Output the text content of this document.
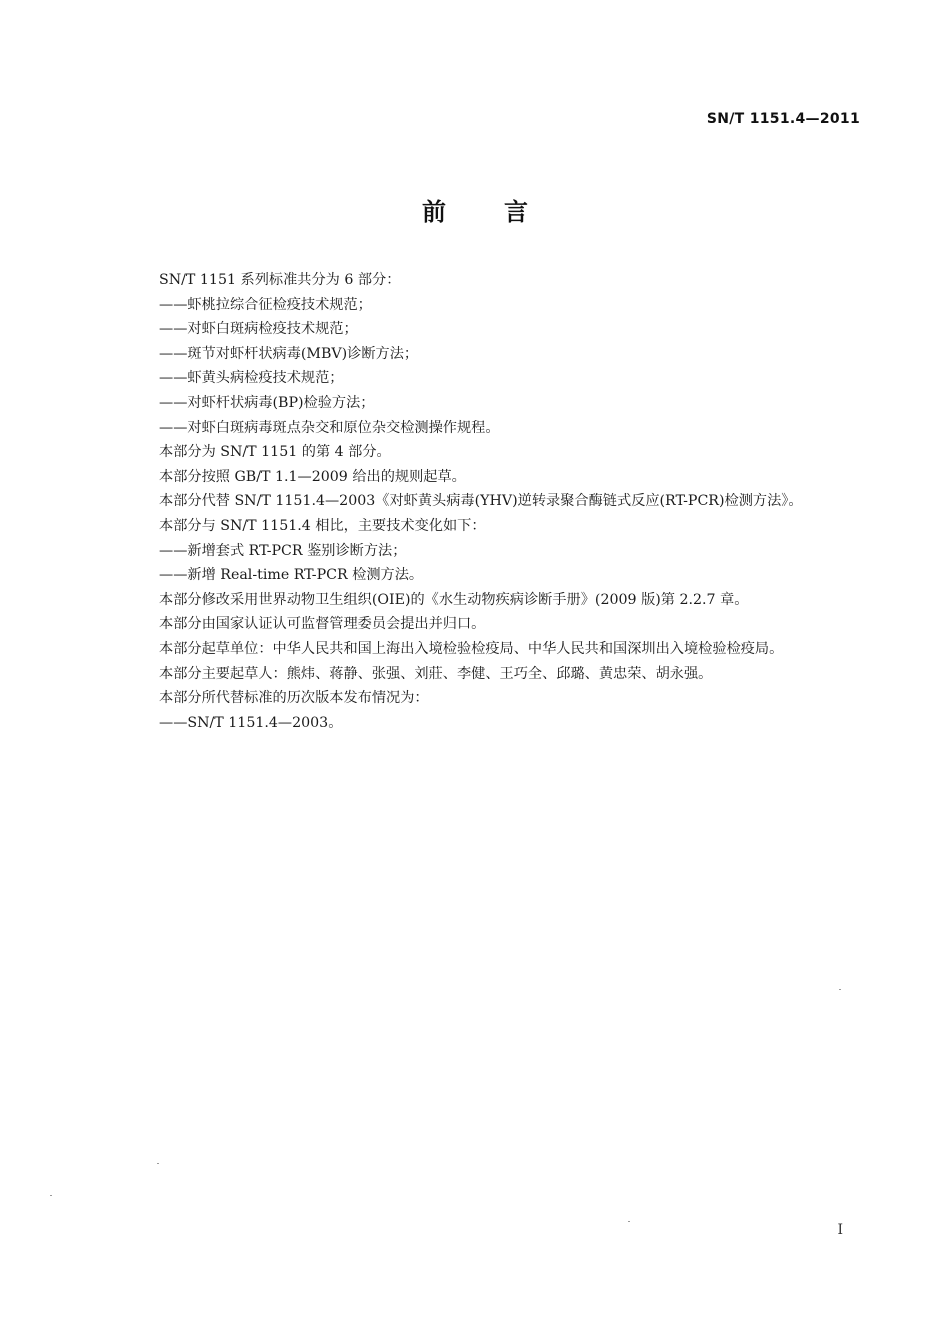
SN/T 1151.4—2011
前言

SN/T 1151 系列标准共分为 6 部分：

——虾桃拉综合征检疫技术规范；

——对虾白斑病检疫技术规范；

——斑节对虾杆状病毒(MBV)诊断方法；

——虾黄头病检疫技术规范；

——对虾杆状病毒(BP)检验方法；

——对虾白斑病毒斑点杂交和原位杂交检测操作规程。

本部分为 SN/T 1151 的第 4 部分。

本部分按照 GB/T 1.1—2009 给出的规则起草。

本部分代替 SN/T 1151.4—2003《对虾黄头病毒(YHV)逆转录聚合酶链式反应(RT-PCR)检测方法》。

本部分与 SN/T 1151.4 相比，主要技术变化如下：

——新增套式 RT-PCR 鉴别诊断方法；

——新增 Real-time RT-PCR 检测方法。

本部分修改采用世界动物卫生组织(OIE)的《水生动物疾病诊断手册》(2009 版)第 2.2.7 章。

本部分由国家认证认可监督管理委员会提出并归口。

本部分起草单位：中华人民共和国上海出入境检验检疫局、中华人民共和国深圳出入境检验检疫局。

本部分主要起草人：熊炜、蒋静、张强、刘莊、李健、王巧全、邱璐、黄忠荣、胡永强。

本部分所代替标准的历次版本发布情况为：

——SN/T 1151.4—2003。

I
